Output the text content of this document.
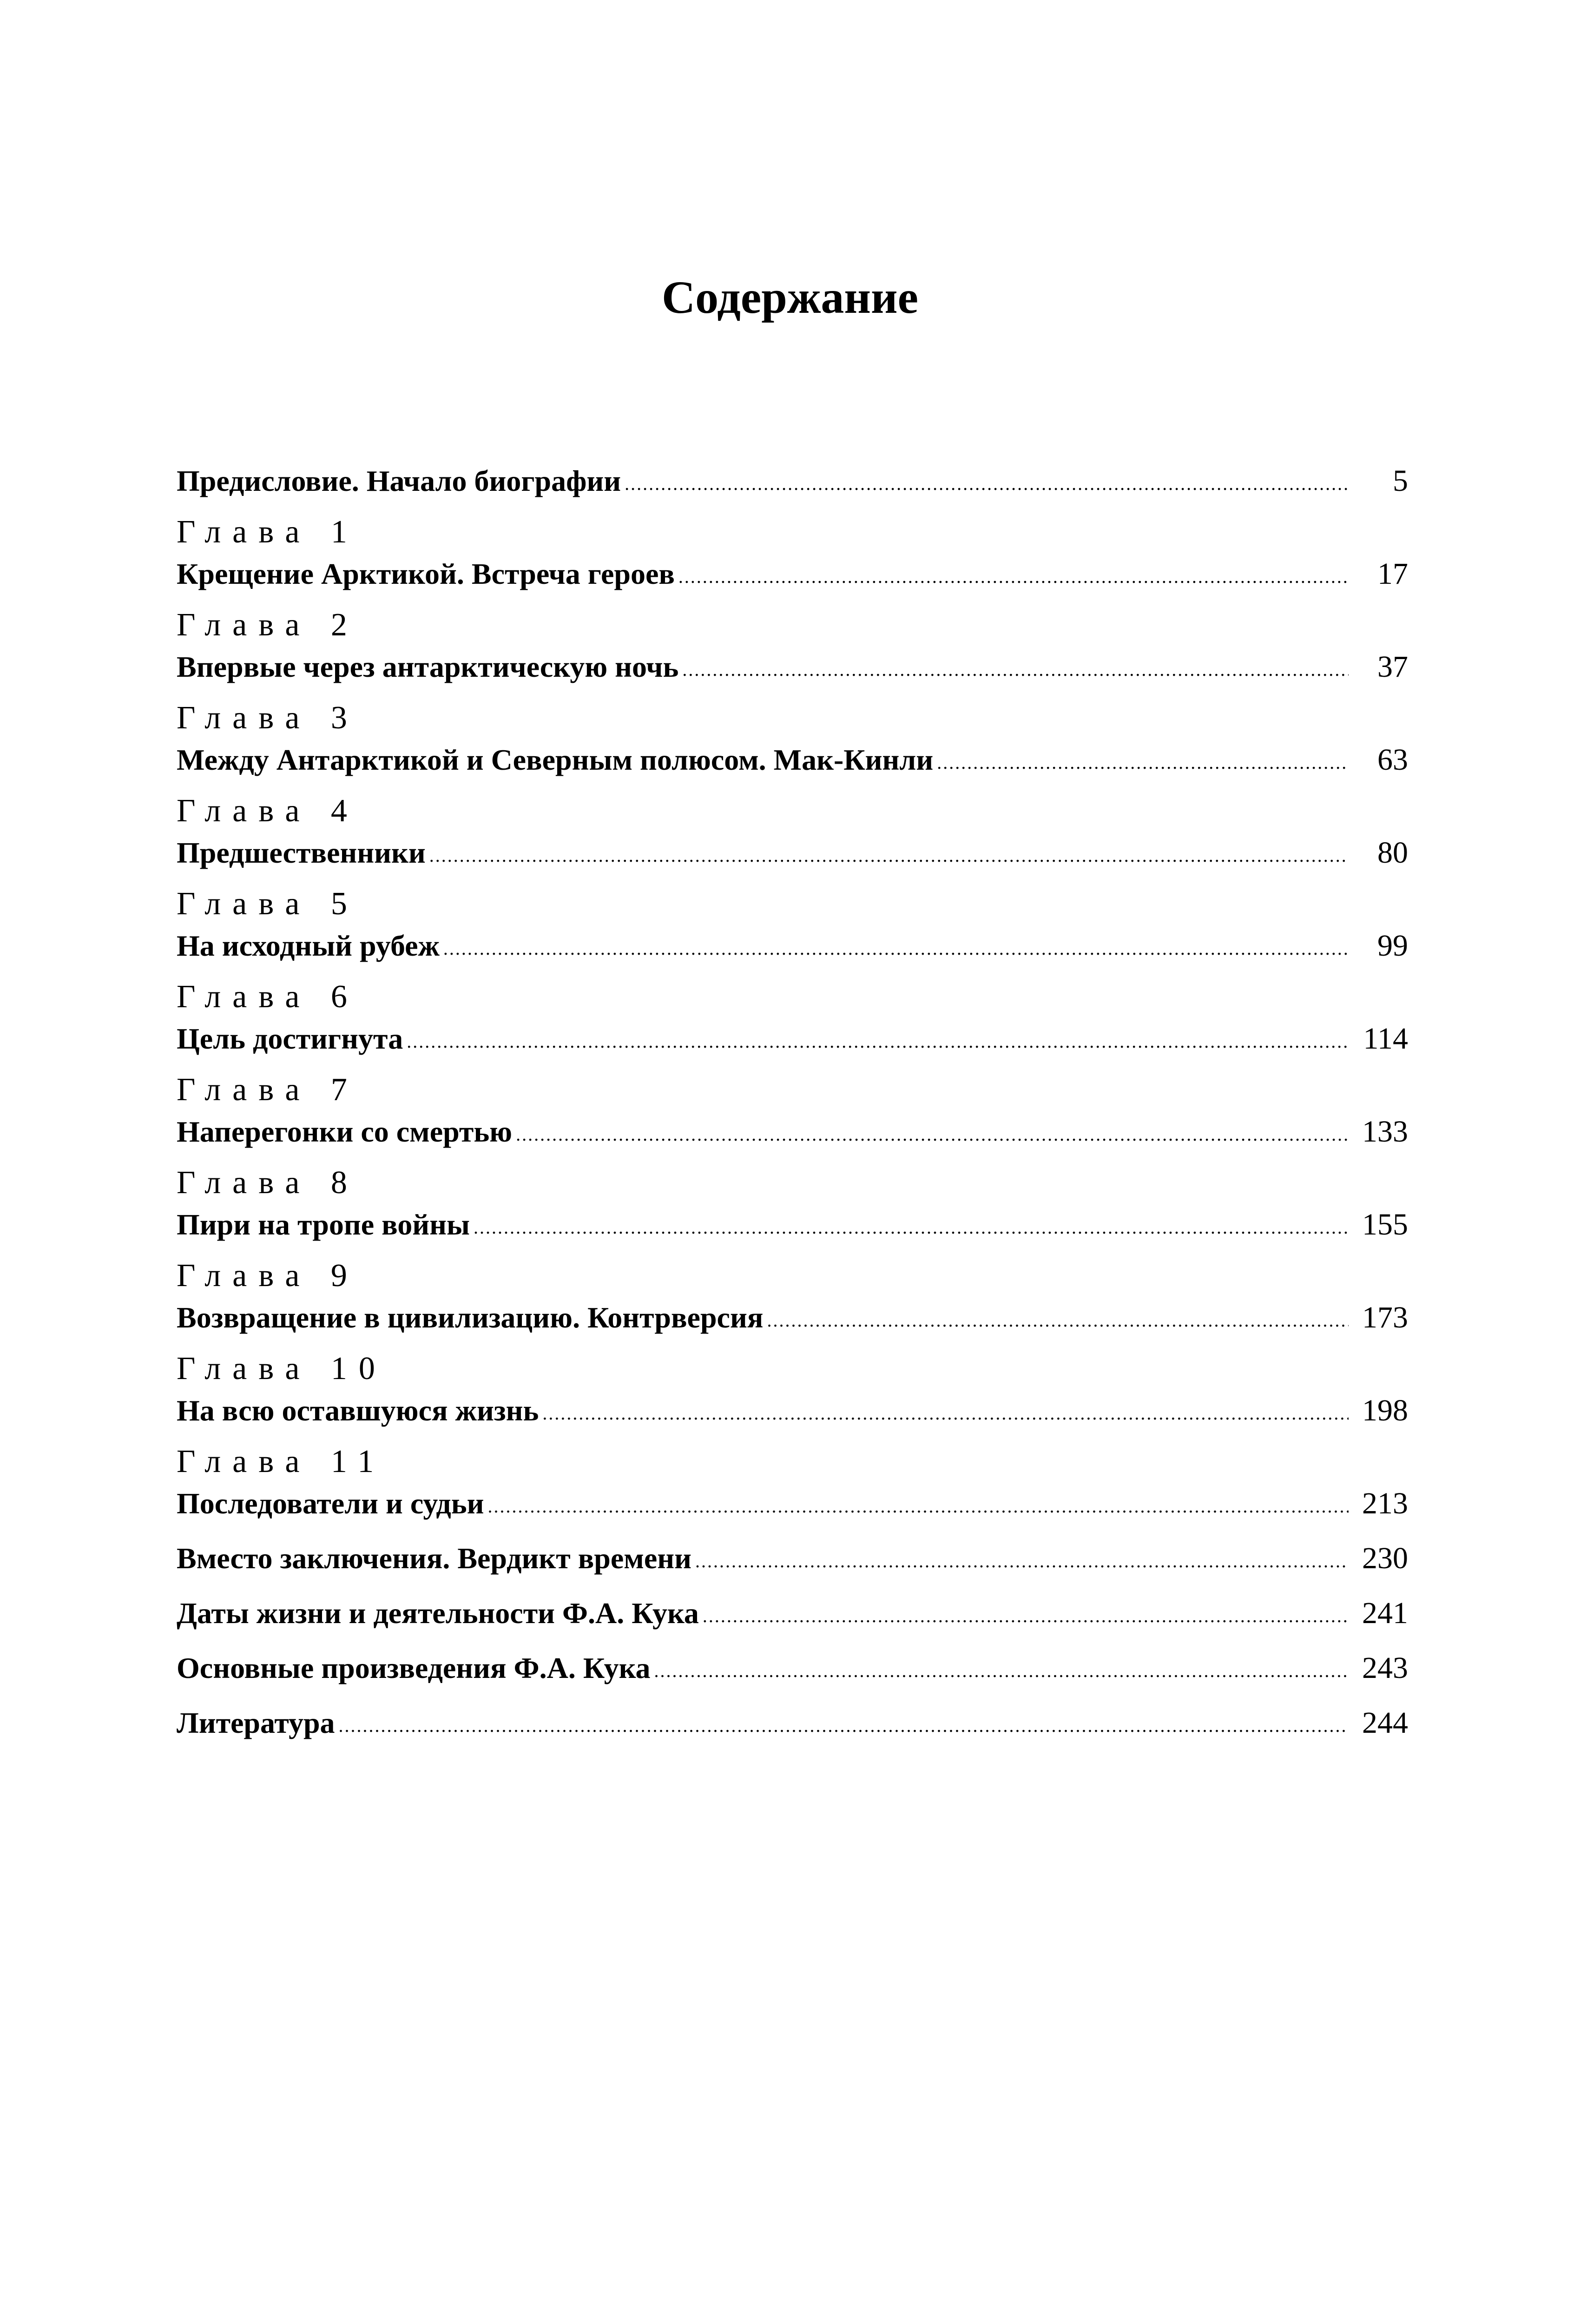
Содержание
Предисловие. Начало биографии .....	5
Глава 1
Крещение Арктикой. Встреча героев .....	17
Глава 2
Впервые через антарктическую ночь .....	37
Глава 3
Между Антарктикой и Северным полюсом. Мак-Кинли .....	63
Глава 4
Предшественники .....	80
Глава 5
На исходный рубеж .....	99
Глава 6
Цель достигнута .....	114
Глава 7
Наперегонки со смертью .....	133
Глава 8
Пири на тропе войны .....	155
Глава 9
Возвращение в цивилизацию. Контрверсия .....	173
Глава 10
На всю оставшуюся жизнь .....	198
Глава 11
Последователи и судьи .....	213
Вместо заключения. Вердикт времени .....	230
Даты жизни и деятельности Ф.А. Кука .....	241
Основные произведения Ф.А. Кука .....	243
Литература .....	244
